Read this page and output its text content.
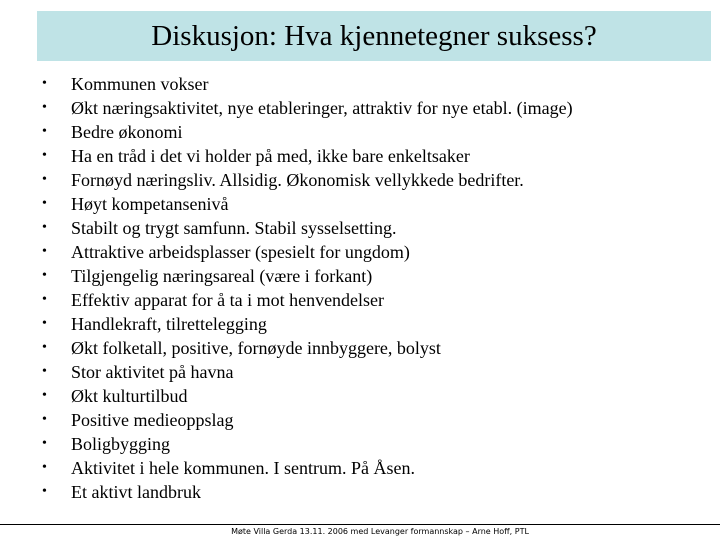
Diskusjon: Hva kjennetegner suksess?
•	Kommunen vokser
•	Økt næringsaktivitet, nye etableringer, attraktiv for nye etabl. (image)
•	Bedre økonomi
•	Ha en tråd i det vi holder på med, ikke bare enkeltsaker
•	Fornøyd næringsliv. Allsidig. Økonomisk vellykkede bedrifter.
•	Høyt kompetansenivå
•	Stabilt og trygt samfunn. Stabil sysselsetting.
•	Attraktive arbeidsplasser (spesielt for ungdom)
•	Tilgjengelig næringsareal (være i forkant)
•	Effektiv apparat for å ta i mot henvendelser
•	Handlekraft, tilrettelegging
•	Økt folketall, positive, fornøyde innbyggere, bolyst
•	Stor aktivitet på havna
•	Økt kulturtilbud
•	Positive medieoppslag
•	Boligbygging
•	Aktivitet i hele kommunen. I sentrum. På Åsen.
•	Et aktivt landbruk
Møte Villa Gerda 13.11. 2006 med Levanger formannskap – Arne Hoff, PTL
